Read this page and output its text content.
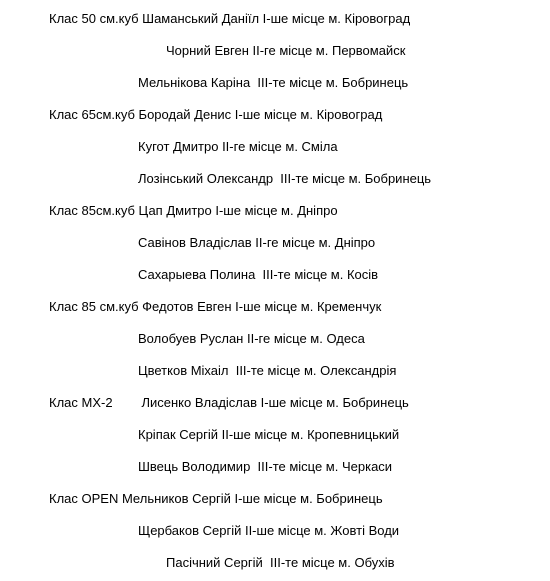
Клас 50 см.куб Шаманський Даніїл І-ше місце м. Кіровоград
Чорний Евген ІІ-ге місце м. Первомайск
Мельнікова Каріна  ІІІ-те місце м. Бобринець
Клас 65см.куб Бородай Денис І-ше місце м. Кіровоград
Кугот Дмитро ІІ-ге місце м. Сміла
Лозінський Олександр  ІІІ-те місце м. Бобринець
Клас 85см.куб Цап Дмитро І-ше місце м. Дніпро
Савінов Владіслав ІІ-ге місце м. Дніпро
Сахарыева Полина  ІІІ-те місце м. Косів
Клас 85 см.куб Федотов Евген І-ше місце м. Кременчук
Волобуев Руслан ІІ-ге місце м. Одеса
Цветков Міхаіл  ІІІ-те місце м. Олександрія
Клас МХ-2        Лисенко Владіслав І-ше місце м. Бобринець
Кріпак Сергій ІІ-ше місце м. Кропевницький
Швець Володимир  ІІІ-те місце м. Черкаси
Клас OPEN Мельников Сергій І-ше місце м. Бобринець
Щербаков Сергій ІІ-ше місце м. Жовті Води
Пасічний Сергій  ІІІ-те місце м. Обухів
